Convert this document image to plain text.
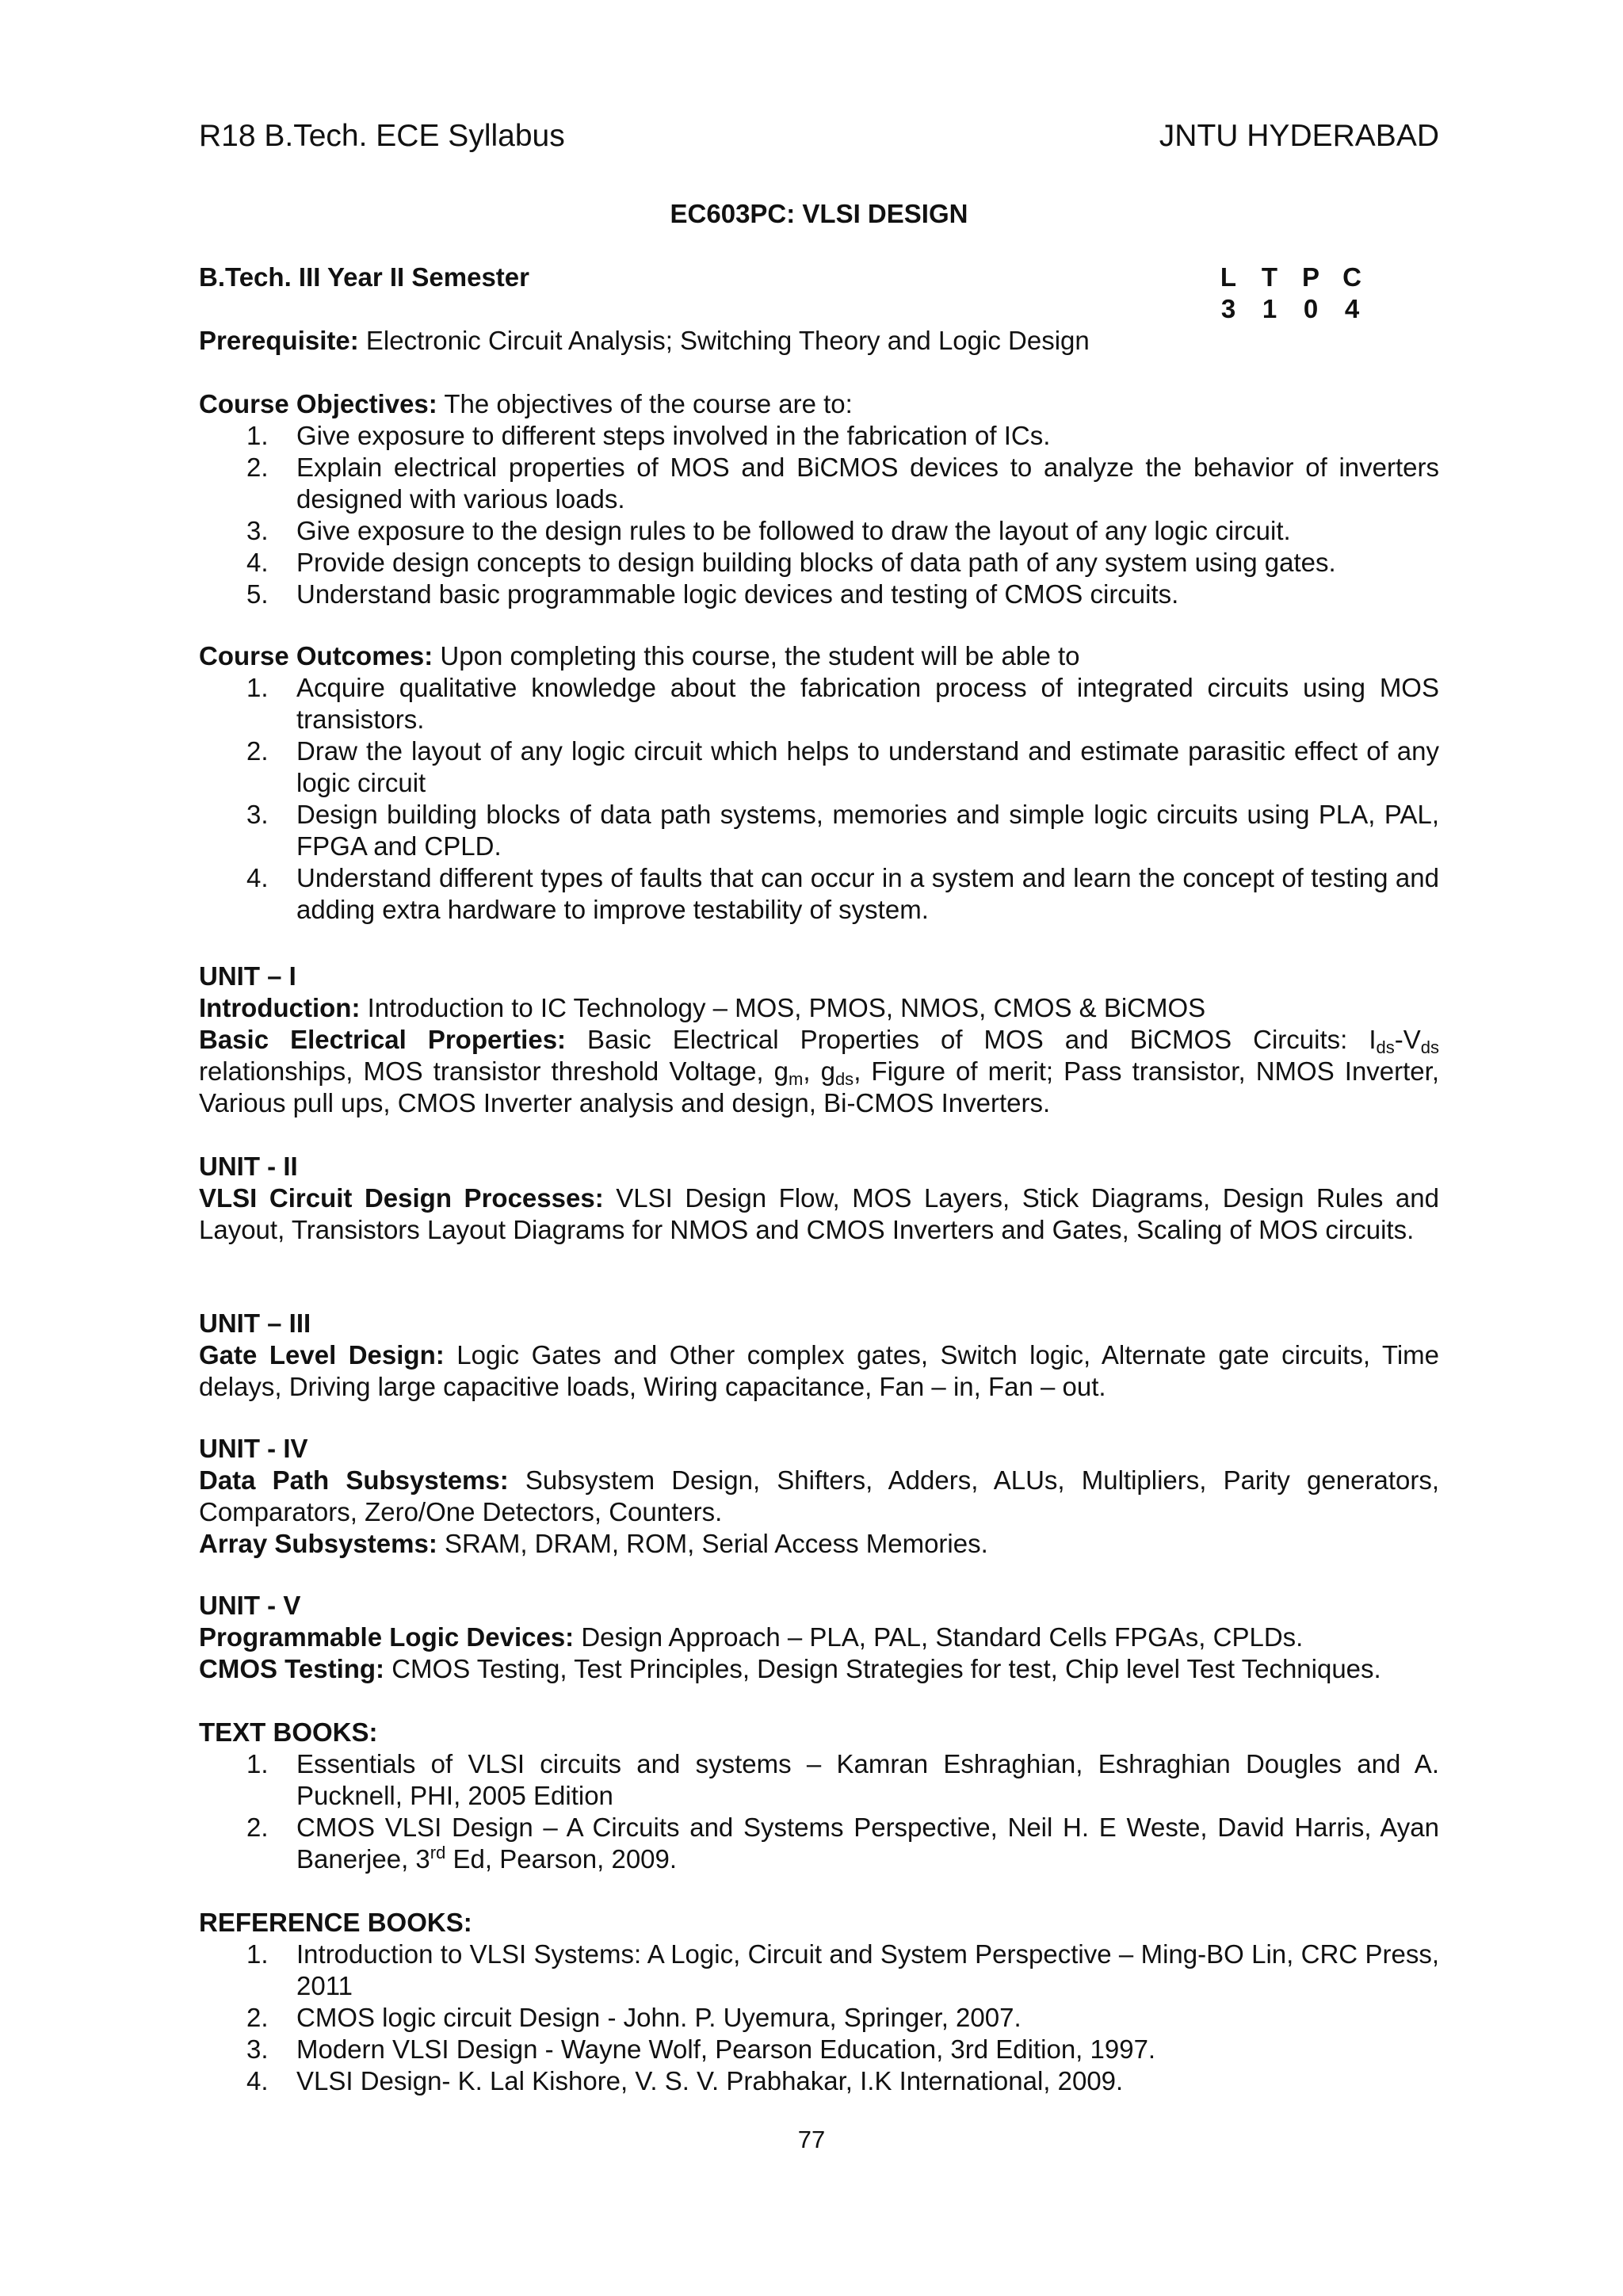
R18 B.Tech. ECE Syllabus	JNTU HYDERABAD
EC603PC: VLSI DESIGN
B.Tech. III Year II Semester	L	T	P	C
3	1	0	4
Prerequisite: Electronic Circuit Analysis; Switching Theory and Logic Design
Course Objectives: The objectives of the course are to:
1.	Give exposure to different steps involved in the fabrication of ICs.
2.	Explain electrical properties of MOS and BiCMOS devices to analyze the behavior of inverters designed with various loads.
3.	Give exposure to the design rules to be followed to draw the layout of any logic circuit.
4.	Provide design concepts to design building blocks of data path of any system using gates.
5.	Understand basic programmable logic devices and testing of CMOS circuits.
Course Outcomes: Upon completing this course, the student will be able to
1.	Acquire qualitative knowledge about the fabrication process of integrated circuits using MOS transistors.
2.	Draw the layout of any logic circuit which helps to understand and estimate parasitic effect of any logic circuit
3.	Design building blocks of data path systems, memories and simple logic circuits using PLA, PAL, FPGA and CPLD.
4.	Understand different types of faults that can occur in a system and learn the concept of testing and adding extra hardware to improve testability of system.
UNIT – I
Introduction: Introduction to IC Technology – MOS, PMOS, NMOS, CMOS & BiCMOS
Basic Electrical Properties: Basic Electrical Properties of MOS and BiCMOS Circuits: $I_{ds}-V_{ds}$ relationships, MOS transistor threshold Voltage, $g_m$, $g_{ds}$, Figure of merit; Pass transistor, NMOS Inverter, Various pull ups, CMOS Inverter analysis and design, Bi-CMOS Inverters.
UNIT - II
VLSI Circuit Design Processes: VLSI Design Flow, MOS Layers, Stick Diagrams, Design Rules and Layout, Transistors Layout Diagrams for NMOS and CMOS Inverters and Gates, Scaling of MOS circuits.
UNIT – III
Gate Level Design: Logic Gates and Other complex gates, Switch logic, Alternate gate circuits, Time delays, Driving large capacitive loads, Wiring capacitance, Fan – in, Fan – out.
UNIT - IV
Data Path Subsystems: Subsystem Design, Shifters, Adders, ALUs, Multipliers, Parity generators, Comparators, Zero/One Detectors, Counters.
Array Subsystems: SRAM, DRAM, ROM, Serial Access Memories.
UNIT - V
Programmable Logic Devices: Design Approach – PLA, PAL, Standard Cells FPGAs, CPLDs.
CMOS Testing: CMOS Testing, Test Principles, Design Strategies for test, Chip level Test Techniques.
TEXT BOOKS:
1.	Essentials of VLSI circuits and systems – Kamran Eshraghian, Eshraghian Dougles and A. Pucknell, PHI, 2005 Edition
2.	CMOS VLSI Design – A Circuits and Systems Perspective, Neil H. E Weste, David Harris, Ayan Banerjee, 3rd Ed, Pearson, 2009.
REFERENCE BOOKS:
1.	Introduction to VLSI Systems: A Logic, Circuit and System Perspective – Ming-BO Lin, CRC Press, 2011
2.	CMOS logic circuit Design - John. P. Uyemura, Springer, 2007.
3.	Modern VLSI Design - Wayne Wolf, Pearson Education, 3rd Edition, 1997.
4.	VLSI Design- K. Lal Kishore, V. S. V. Prabhakar, I.K International, 2009.
77
